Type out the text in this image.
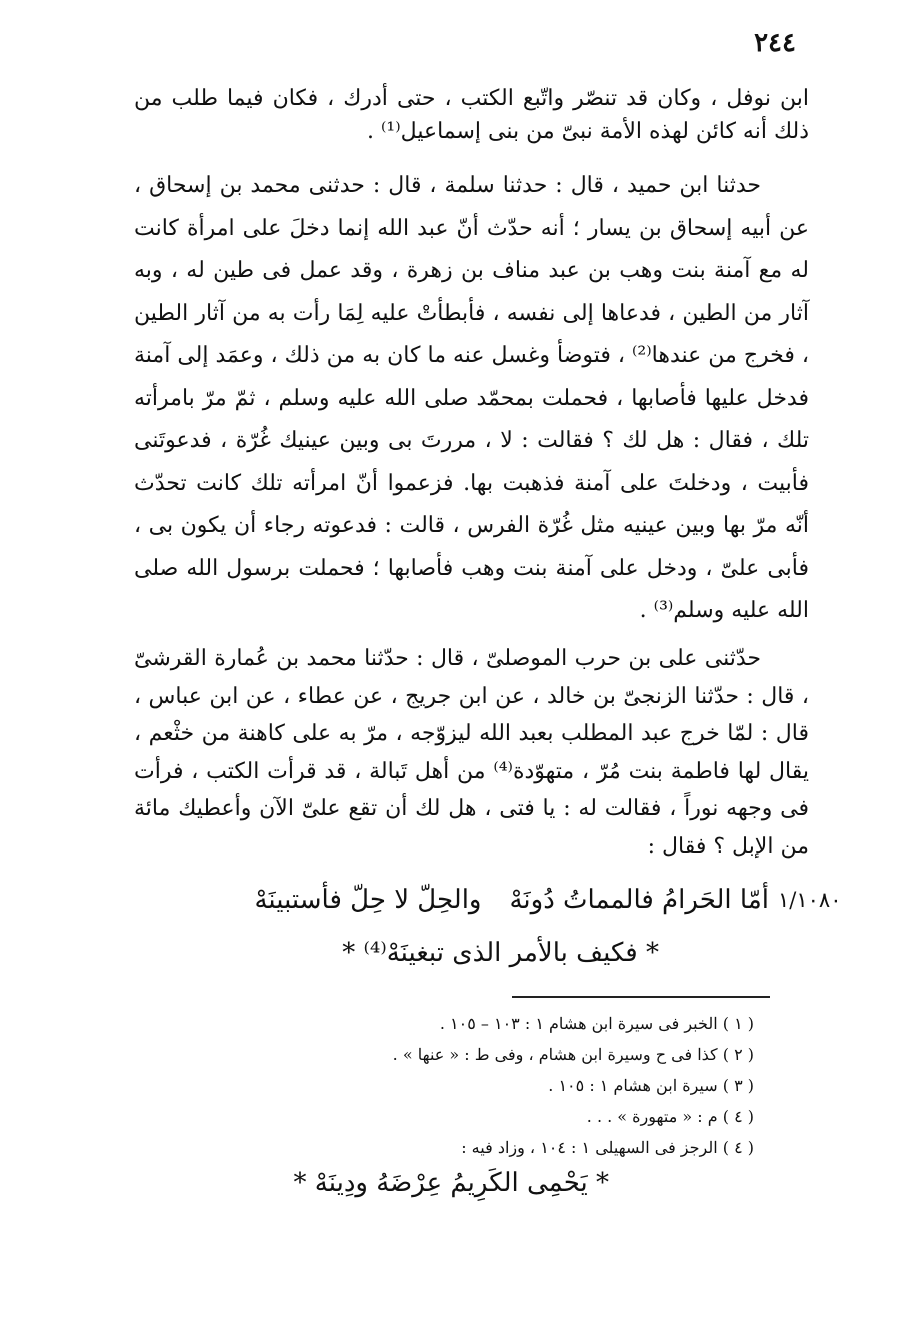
٢٤٤

ابن نوفل ، وكان قد تنصّر واتّبع الكتب ، حتى أدرك ، فكان فيما طلب من ذلك أنه كائن لهذه الأمة نبىّ من بنى إسماعيل⁽¹⁾ .

حدثنا ابن حميد ، قال : حدثنا سلمة ، قال : حدثنى محمد بن إسحاق ، عن أبيه إسحاق بن يسار ؛ أنه حدّث أنّ عبد الله إنما دخلَ على امرأة كانت له مع آمنة بنت وهب بن عبد مناف بن زهرة ، وقد عمل فى طين له ، وبه آثار من الطين ، فدعاها إلى نفسه ، فأبطأتْ عليه لِمَا رأت به من آثار الطين ، فخرج من عندها⁽²⁾ ، فتوضأ وغسل عنه ما كان به من ذلك ، وعمَد إلى آمنة فدخل عليها فأصابها ، فحملت بمحمّد صلى الله عليه وسلم ، ثمّ مرّ بامرأته تلك ، فقال : هل لك ؟ فقالت : لا ، مررتَ بى وبين عينيك غُرّة ، فدعوتَنى فأبيت ، ودخلتَ على آمنة فذهبت بها. فزعموا أنّ امرأته تلك كانت تحدّث أنّه مرّ بها وبين عينيه مثل غُرّة الفرس ، قالت : فدعوته رجاء أن يكون بى ، فأبى علىّ ، ودخل على آمنة بنت وهب فأصابها ؛ فحملت برسول الله صلى الله عليه وسلم⁽³⁾ .

حدّثنى على بن حرب الموصلىّ ، قال : حدّثنا محمد بن عُمارة القرشىّ ، قال : حدّثنا الزنجىّ بن خالد ، عن ابن جريج ، عن عطاء ، عن ابن عباس ، قال : لمّا خرج عبد المطلب بعبد الله ليزوّجه ، مرّ به على كاهنة من خثْعم ، يقال لها فاطمة بنت مُرّ ، متهوّدة⁽⁴⁾ من أهل تَبالة ، قد قرأت الكتب ، فرأت فى وجهه نوراً ، فقالت له : يا فتى ، هل لك أن تقع علىّ الآن وأعطيك مائة من الإبل ؟ فقال :

١/١٠٨٠
أمّا الحَرامُ فالمماتُ دُونَهْوالحِلّ لا حِلّ فأستبينَهْ
* فكيف بالأمر الذى تبغينَهْ⁽⁴⁾ *
( ١ ) الخبر فى سيرة ابن هشام ١ : ١٠٣ – ١٠٥ .
( ٢ ) كذا فى ح وسيرة ابن هشام ، وفى ط : « عنها » .
( ٣ ) سيرة ابن هشام ١ : ١٠٥ .
( ٤ ) م : « متهورة » . . .
( ٤ ) الرجز فى السهيلى ١ : ١٠٤ ، وزاد فيه :
* يَحْمِى الكَرِيمُ عِرْضَهُ ودِينَهْ *
